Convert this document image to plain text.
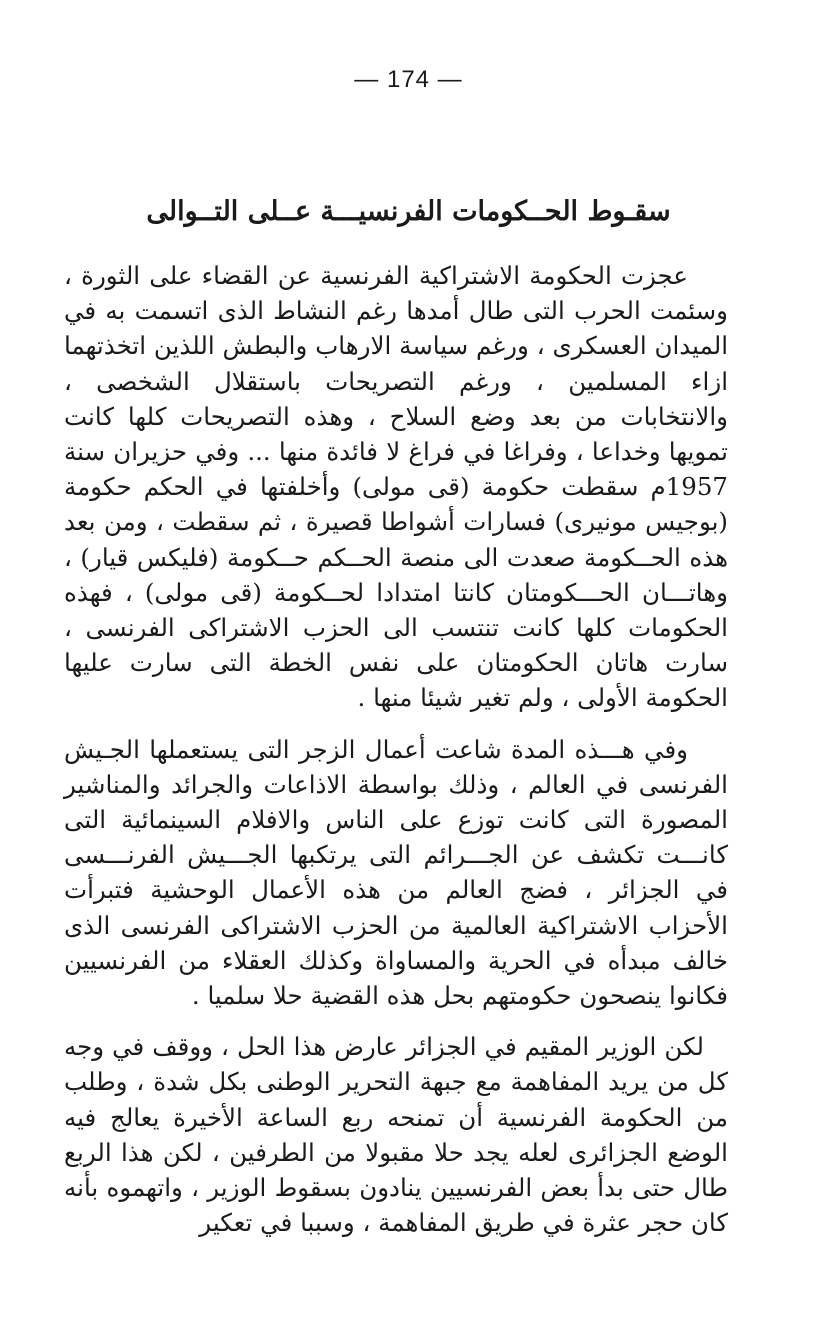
— 174 —
سقـوط الحــكومات الفرنسيـــة عــلى التــوالى

عجزت الحكومة الاشتراكية الفرنسية عن القضاء على الثورة ، وسئمت الحرب التى طال أمدها رغم النشاط الذى اتسمت به في الميدان العسكرى ، ورغم سياسة الارهاب والبطش اللذين اتخذتهما ازاء المسلمين ، ورغم التصريحات باستقلال الشخصى ، والانتخابات من بعد وضع السلاح ، وهذه التصريحات كلها كانت تمويها وخداعا ، وفراغا في فراغ لا فائدة منها ... وفي حزيران سنة 1957م سقطت حكومة (قى مولى) وأخلفتها في الحكم حكومة (بوجيس مونيرى) فسارات أشواطا قصيرة ، ثم سقطت ، ومن بعد هذه الحــكومة صعدت الى منصة الحــكم حــكومة (فليكس قيار) ، وهاتـــان الحـــكومتان كانتا امتدادا لحــكومة (قى مولى) ، فهذه الحكومات كلها كانت تنتسب الى الحزب الاشتراكى الفرنسى ، سارت هاتان الحكومتان على نفس الخطة التى سارت عليها الحكومة الأولى ، ولم تغير شيئا منها .

وفي هـــذه المدة شاعت أعمال الزجر التى يستعملها الجـيش الفرنسى في العالم ، وذلك بواسطة الاذاعات والجرائد والمناشير المصورة التى كانت توزع على الناس والافلام السينمائية التى كانـــت تكشف عن الجـــرائم التى يرتكبها الجـــيش الفرنـــسى في الجزائر ، فضج العالم من هذه الأعمال الوحشية فتبرأت الأحزاب الاشتراكية العالمية من الحزب الاشتراكى الفرنسى الذى خالف مبدأه في الحرية والمساواة وكذلك العقلاء من الفرنسيين فكانوا ينصحون حكومتهم بحل هذه القضية حلا سلميا .

لكن الوزير المقيم في الجزائر عارض هذا الحل ، ووقف في وجه كل من يريد المفاهمة مع جبهة التحرير الوطنى بكل شدة ، وطلب من الحكومة الفرنسية أن تمنحه ربع الساعة الأخيرة يعالج فيه الوضع الجزائرى لعله يجد حلا مقبولا من الطرفين ، لكن هذا الربع طال حتى بدأ بعض الفرنسيين ينادون بسقوط الوزير ، واتهموه بأنه كان حجر عثرة في طريق المفاهمة ، وسببا في تعكير
